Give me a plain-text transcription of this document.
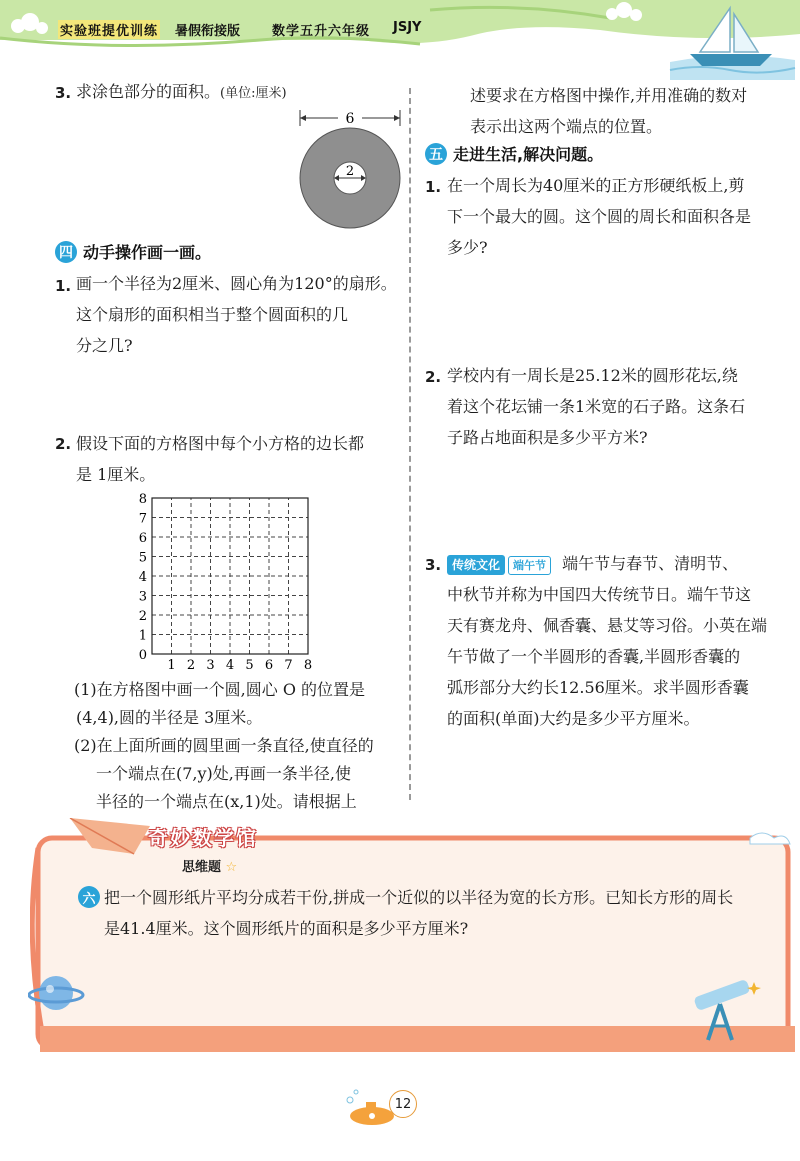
实验班提优训练 暑假衔接版 数学五升六年级 JSJY
3. 求涂色部分的面积。(单位:厘米)
6
2
四 动手操作画一画。
1. 画一个半径为2厘米、圆心角为120°的扇形。
这个扇形的面积相当于整个圆面积的几
分之几?
2. 假设下面的方格图中每个小方格的边长都
是 1厘米。
1 2 3 4 5 6 7 8
1
2
3
4
5
6
7
8
0
(1)在方格图中画一个圆,圆心 O 的位置是
(4,4),圆的半径是 3厘米。
(2)在上面所画的圆里画一条直径,使直径的
一个端点在(7,y)处,再画一条半径,使
半径的一个端点在(x,1)处。请根据上
述要求在方格图中操作,并用准确的数对
表示出这两个端点的位置。
五 走进生活,解决问题。
1. 在一个周长为40厘米的正方形硬纸板上,剪
下一个最大的圆。这个圆的周长和面积各是
多少?
2. 学校内有一周长是25.12米的圆形花坛,绕
着这个花坛铺一条1米宽的石子路。这条石
子路占地面积是多少平方米?
3. 传统文化 端午节 端午节与春节、清明节、
中秋节并称为中国四大传统节日。端午节这
天有赛龙舟、佩香囊、悬艾等习俗。小英在端
午节做了一个半圆形的香囊,半圆形香囊的
弧形部分大约长12.56厘米。求半圆形香囊
的面积(单面)大约是多少平方厘米。
奇妙数学馆
思维题 ☆
六 把一个圆形纸片平均分成若干份,拼成一个近似的以半径为宽的长方形。已知长方形的周长
是41.4厘米。这个圆形纸片的面积是多少平方厘米?
12
